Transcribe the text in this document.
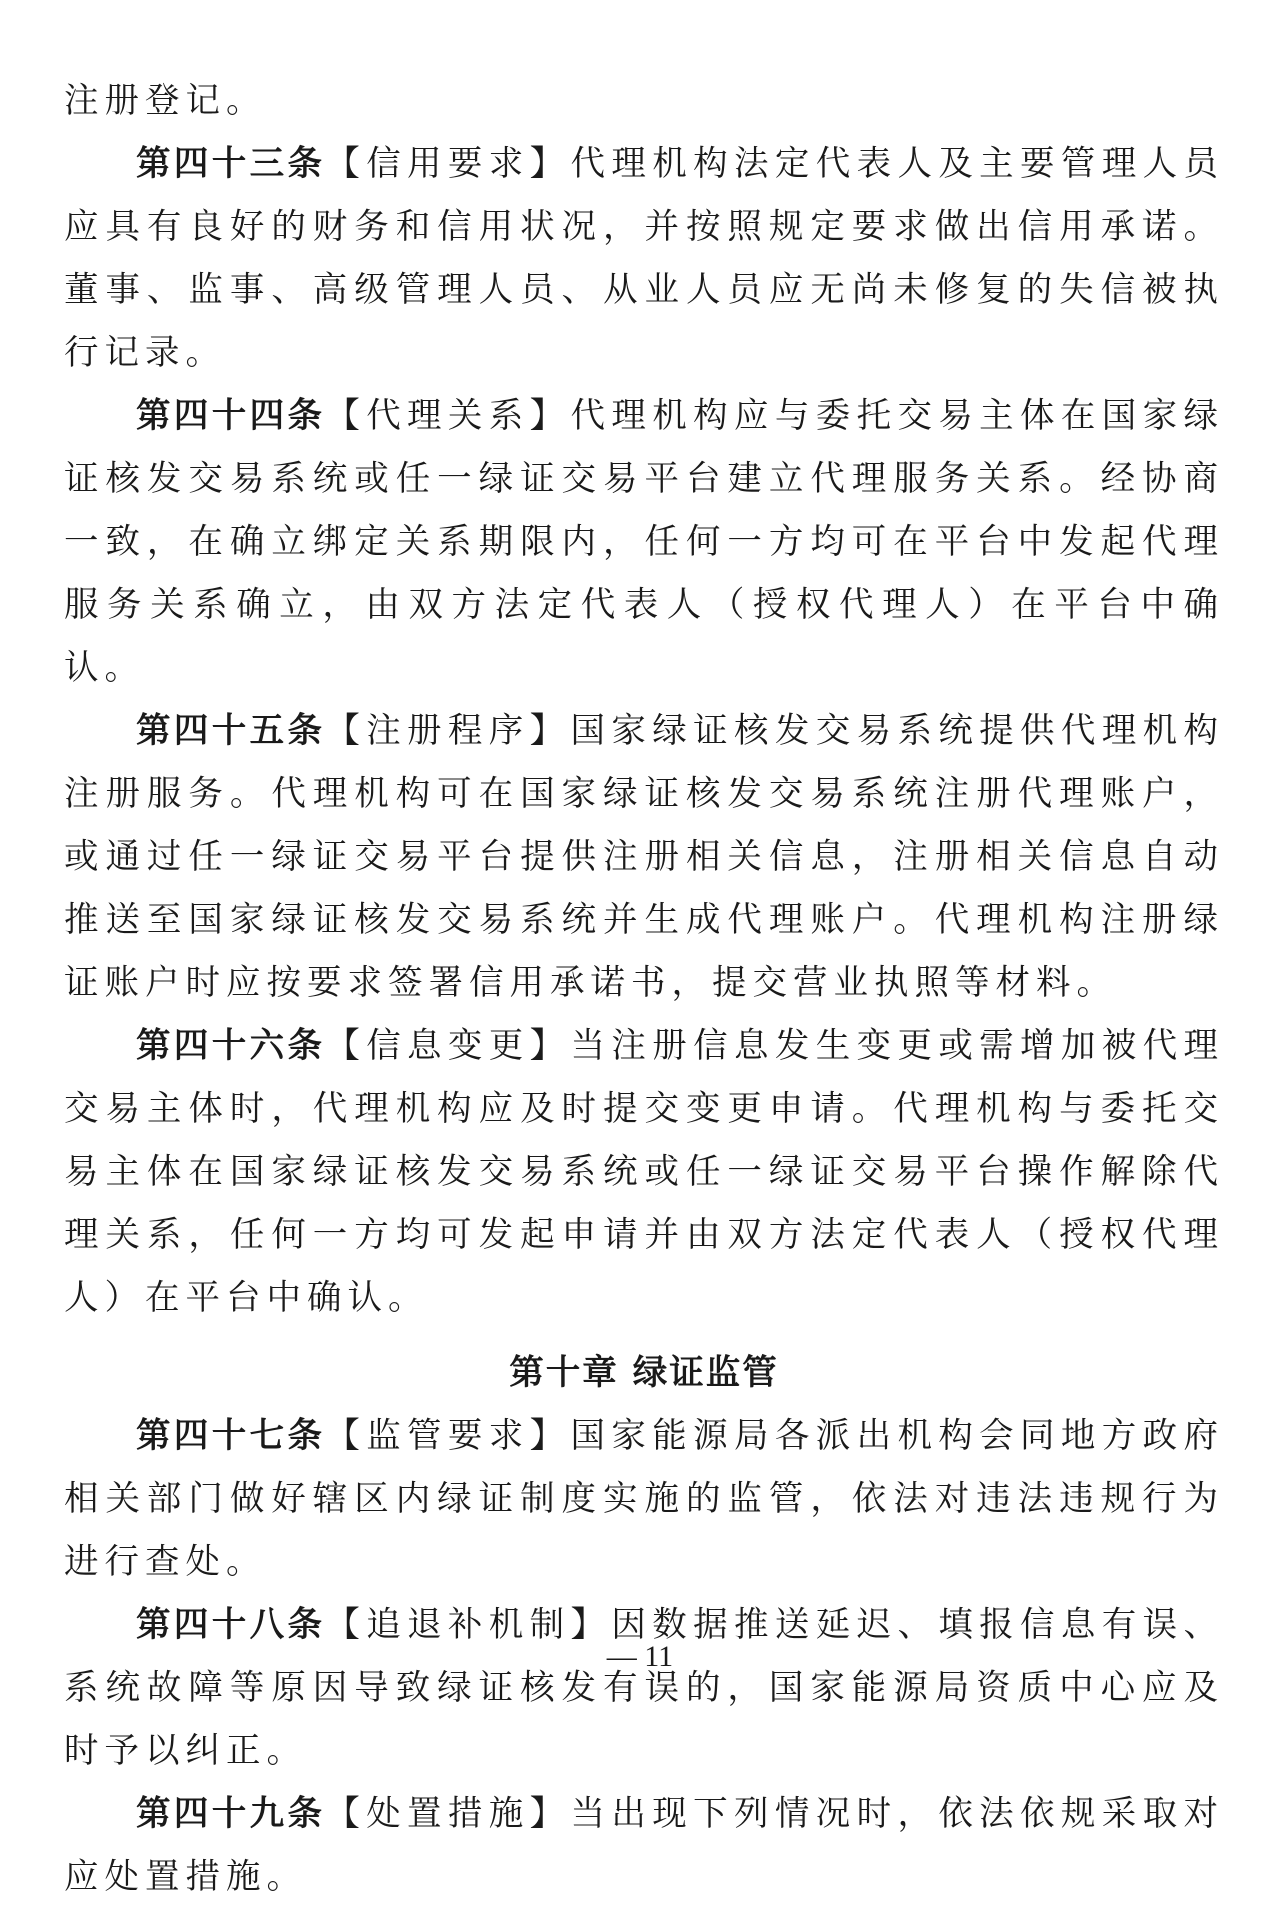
注册登记。

第四十三条【信用要求】代理机构法定代表人及主要管理人员应具有良好的财务和信用状况，并按照规定要求做出信用承诺。董事、监事、高级管理人员、从业人员应无尚未修复的失信被执行记录。

第四十四条【代理关系】代理机构应与委托交易主体在国家绿证核发交易系统或任一绿证交易平台建立代理服务关系。经协商一致，在确立绑定关系期限内，任何一方均可在平台中发起代理服务关系确立，由双方法定代表人（授权代理人）在平台中确认。

第四十五条【注册程序】国家绿证核发交易系统提供代理机构注册服务。代理机构可在国家绿证核发交易系统注册代理账户，或通过任一绿证交易平台提供注册相关信息，注册相关信息自动推送至国家绿证核发交易系统并生成代理账户。代理机构注册绿证账户时应按要求签署信用承诺书，提交营业执照等材料。

第四十六条【信息变更】当注册信息发生变更或需增加被代理交易主体时，代理机构应及时提交变更申请。代理机构与委托交易主体在国家绿证核发交易系统或任一绿证交易平台操作解除代理关系，任何一方均可发起申请并由双方法定代表人（授权代理人）在平台中确认。

第十章 绿证监管

第四十七条【监管要求】国家能源局各派出机构会同地方政府相关部门做好辖区内绿证制度实施的监管，依法对违法违规行为进行查处。

第四十八条【追退补机制】因数据推送延迟、填报信息有误、系统故障等原因导致绿证核发有误的，国家能源局资质中心应及时予以纠正。

第四十九条【处置措施】当出现下列情况时，依法依规采取对应处置措施。

— 11
